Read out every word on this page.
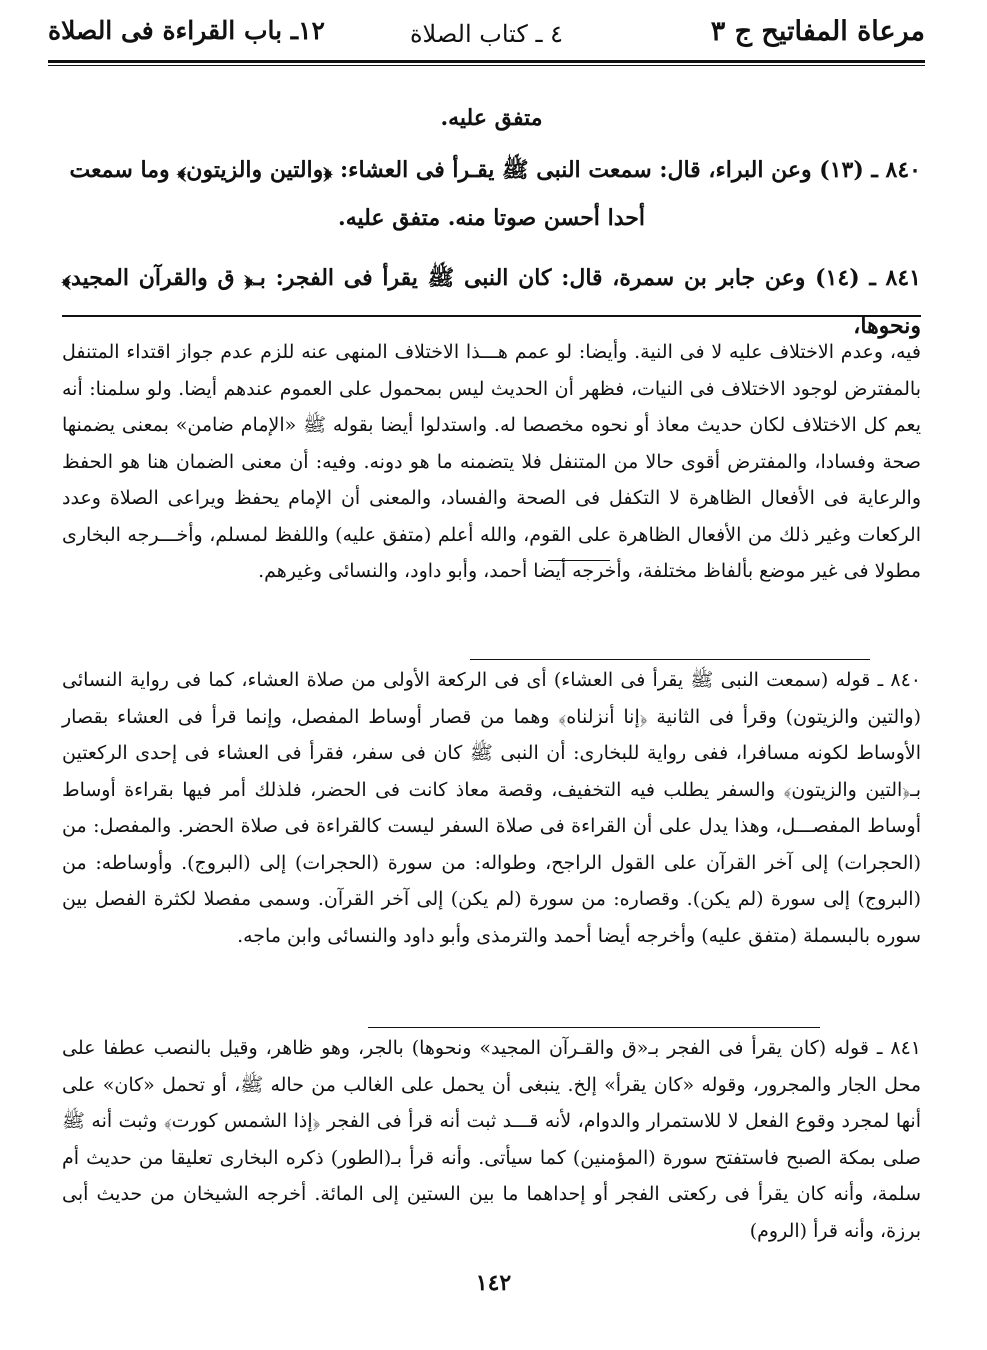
مرعاة المفاتيح ج ٣
٤ ـ كتاب الصلاة
١٢ـ باب القراءة فى الصلاة
متفق عليه.
٨٤٠ ـ (١٣) وعن البراء، قال: سمعت النبى ﷺ يقـرأ فى العشاء: ﴿والتين والزيتون﴾ وما سمعت
أحدا أحسن صوتا منه. متفق عليه.
٨٤١ ـ (١٤) وعن جابر بن سمرة، قال: كان النبى ﷺ يقرأ فى الفجر: بـ﴿ ق والقرآن المجيد﴾ ونحوها،

فيه، وعدم الاختلاف عليه لا فى النية. وأيضا: لو عمم هـــذا الاختلاف المنهى عنه للزم عدم جواز اقتداء المتنفل بالمفترض لوجود الاختلاف فى النيات، فظهر أن الحديث ليس بمحمول على العموم عندهم أيضا. ولو سلمنا: أنه يعم كل الاختلاف لكان حديث معاذ أو نحوه مخصصا له. واستدلوا أيضا بقوله ﷺ «الإمام ضامن» بمعنى يضمنها صحة وفسادا، والمفترض أقوى حالا من المتنفل فلا يتضمنه ما هو دونه. وفيه: أن معنى الضمان هنا هو الحفظ والرعاية فى الأفعال الظاهرة لا التكفل فى الصحة والفساد، والمعنى أن الإمام يحفظ ويراعى الصلاة وعدد الركعات وغير ذلك من الأفعال الظاهرة على القوم، والله أعلم (متفق عليه) واللفظ لمسلم، وأخـــرجه البخارى مطولا فى غير موضع بألفاظ مختلفة، وأخرجه أيضا أحمد، وأبو داود، والنسائى وغيرهم.

٨٤٠ ـ قوله (سمعت النبى ﷺ يقرأ فى العشاء) أى فى الركعة الأولى من صلاة العشاء، كما فى رواية النسائى (والتين والزيتون) وقرأ فى الثانية ﴿إنا أنزلناه﴾ وهما من قصار أوساط المفصل، وإنما قرأ فى العشاء بقصار الأوساط لكونه مسافرا، ففى رواية للبخارى: أن النبى ﷺ كان فى سفر، فقرأ فى العشاء فى إحدى الركعتين بـ﴿التين والزيتون﴾ والسفر يطلب فيه التخفيف، وقصة معاذ كانت فى الحضر، فلذلك أمر فيها بقراءة أوساط أوساط المفصـــل، وهذا يدل على أن القراءة فى صلاة السفر ليست كالقراءة فى صلاة الحضر. والمفصل: من (الحجرات) إلى آخر القرآن على القول الراجح، وطواله: من سورة (الحجرات) إلى (البروج). وأوساطه: من (البروج) إلى سورة (لم يكن). وقصاره: من سورة (لم يكن) إلى آخر القرآن. وسمى مفصلا لكثرة الفصل بين سوره بالبسملة (متفق عليه) وأخرجه أيضا أحمد والترمذى وأبو داود والنسائى وابن ماجه.

٨٤١ ـ قوله (كان يقرأ فى الفجر بـ«ق والقـرآن المجيد» ونحوها) بالجر، وهو ظاهر، وقيل بالنصب عطفا على محل الجار والمجرور، وقوله «كان يقرأ» إلخ. ينبغى أن يحمل على الغالب من حاله ﷺ، أو تحمل «كان» على أنها لمجرد وقوع الفعل لا للاستمرار والدوام، لأنه قـــد ثبت أنه قرأ فى الفجر ﴿إذا الشمس كورت﴾ وثبت أنه ﷺ صلى بمكة الصبح فاستفتح سورة (المؤمنين) كما سيأتى. وأنه قرأ بـ(الطور) ذكره البخارى تعليقا من حديث أم سلمة، وأنه كان يقرأ فى ركعتى الفجر أو إحداهما ما بين الستين إلى المائة. أخرجه الشيخان من حديث أبى برزة، وأنه قرأ (الروم)

١٤٢
